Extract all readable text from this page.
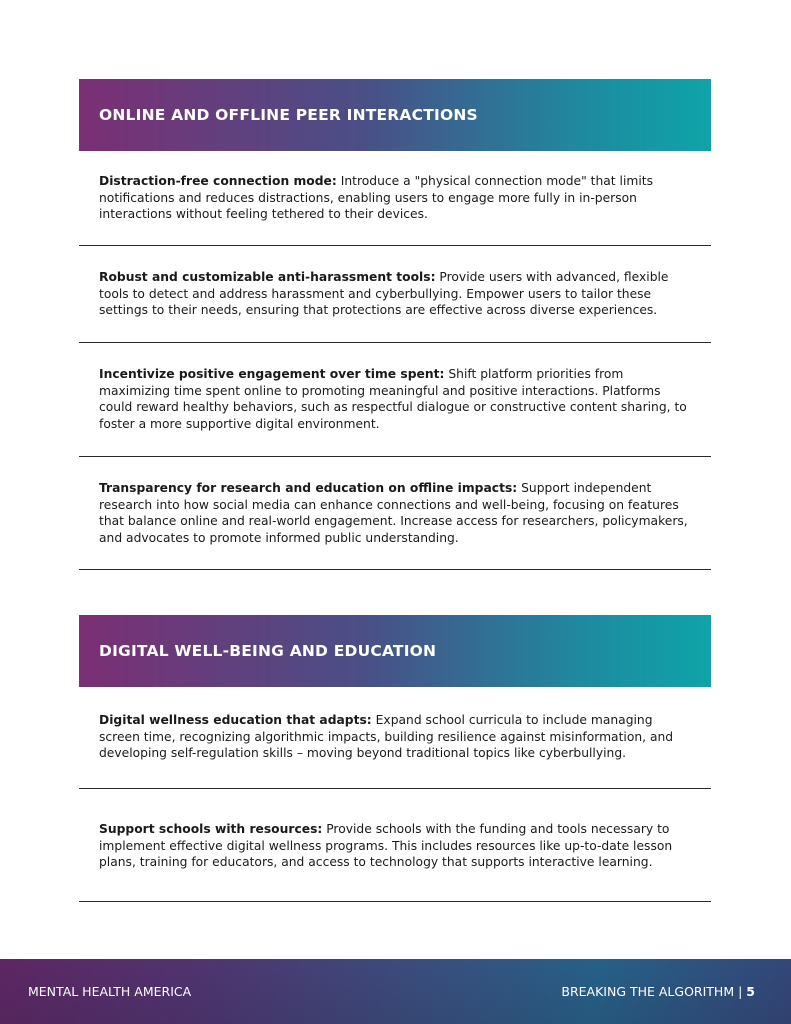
ONLINE AND OFFLINE PEER INTERACTIONS

Distraction-free connection mode: Introduce a "physical connection mode" that limits notifications and reduces distractions, enabling users to engage more fully in in-person interactions without feeling tethered to their devices.

Robust and customizable anti-harassment tools: Provide users with advanced, flexible tools to detect and address harassment and cyberbullying. Empower users to tailor these settings to their needs, ensuring that protections are effective across diverse experiences.

Incentivize positive engagement over time spent: Shift platform priorities from maximizing time spent online to promoting meaningful and positive interactions. Platforms could reward healthy behaviors, such as respectful dialogue or constructive content sharing, to foster a more supportive digital environment.

Transparency for research and education on offline impacts: Support independent research into how social media can enhance connections and well-being, focusing on features that balance online and real-world engagement. Increase access for researchers, policymakers, and advocates to promote informed public understanding.

DIGITAL WELL-BEING AND EDUCATION

Digital wellness education that adapts: Expand school curricula to include managing screen time, recognizing algorithmic impacts, building resilience against misinformation, and developing self-regulation skills – moving beyond traditional topics like cyberbullying.

Support schools with resources: Provide schools with the funding and tools necessary to implement effective digital wellness programs. This includes resources like up-to-date lesson plans, training for educators, and access to technology that supports interactive learning.

MENTAL HEALTH AMERICA	BREAKING THE ALGORITHM | 5
